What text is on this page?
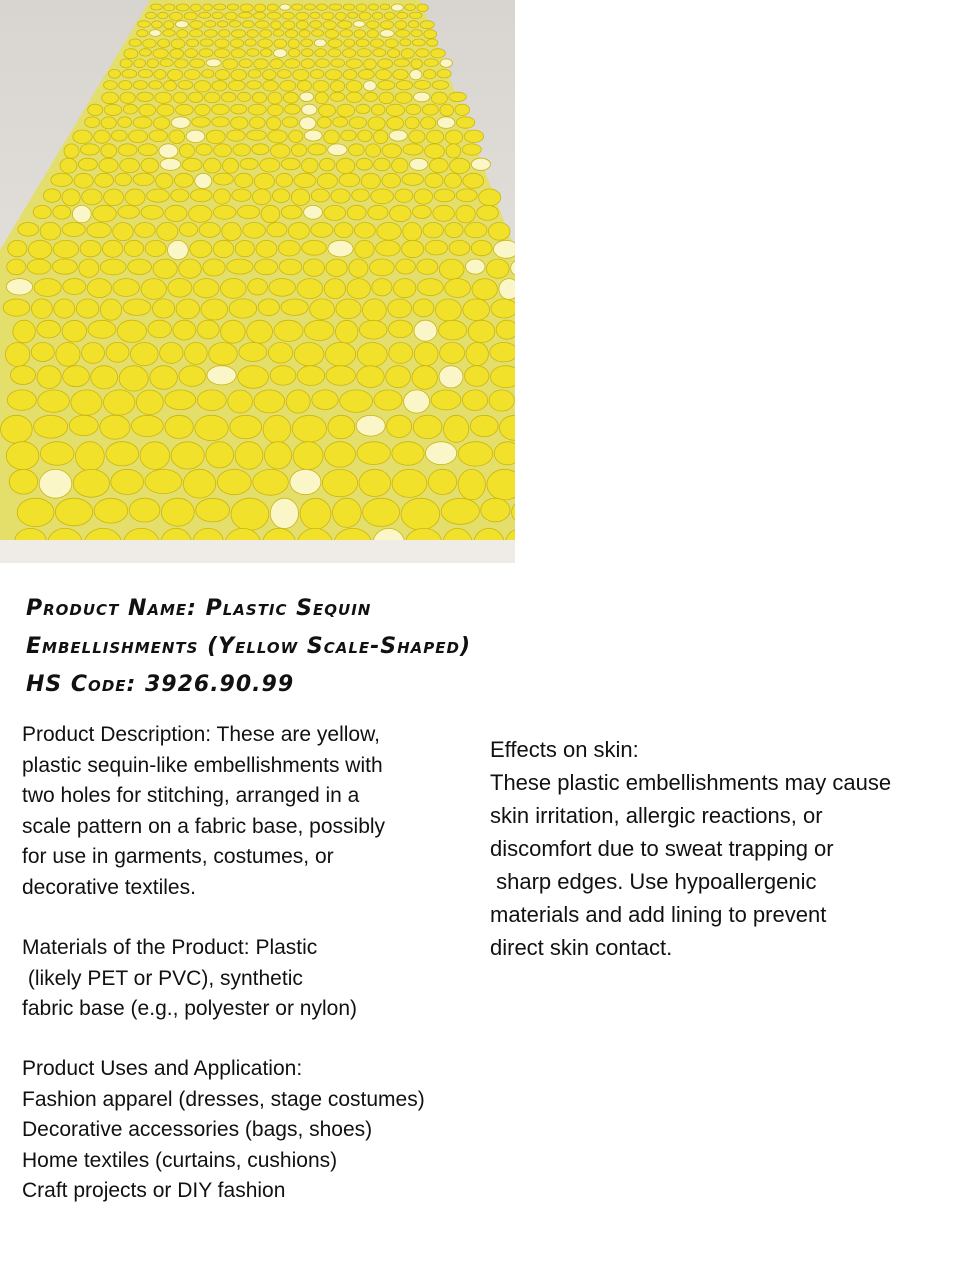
Product Name: Plastic Sequin
Embellishments (Yellow Scale-Shaped)
HS Code: 3926.90.99
Product Description: These are yellow,
plastic sequin-like embellishments with
two holes for stitching, arranged in a
scale pattern on a fabric base, possibly
for use in garments, costumes, or
decorative textiles.
Materials of the Product: Plastic
(likely PET or PVC), synthetic
fabric base (e.g., polyester or nylon)
Product Uses and Application:
Fashion apparel (dresses, stage costumes)
Decorative accessories (bags, shoes)
Home textiles (curtains, cushions)
Craft projects or DIY fashion
Effects on skin:
These plastic embellishments may cause
skin irritation, allergic reactions, or
discomfort due to sweat trapping or
sharp edges. Use hypoallergenic
materials and add lining to prevent
direct skin contact.
